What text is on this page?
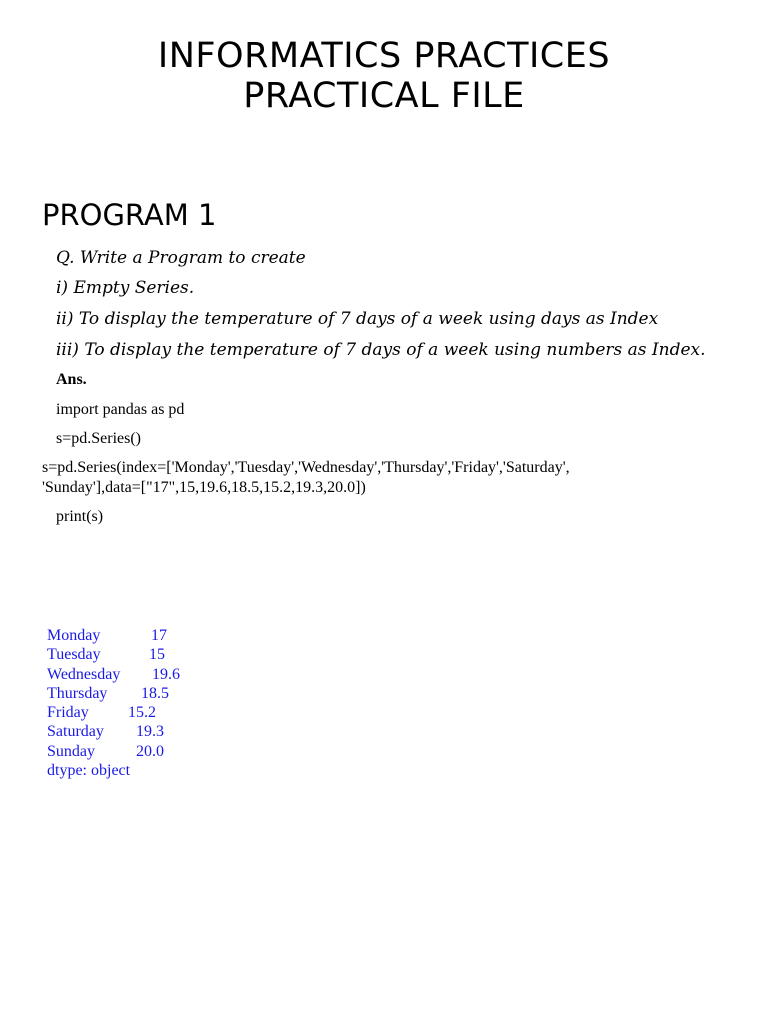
INFORMATICS PRACTICES
PRACTICAL FILE
PROGRAM 1
Q. Write a Program to create
i) Empty Series.
ii) To display the temperature of 7 days of a week using days as Index
iii) To display the temperature of 7 days of a week using numbers as Index.
Ans.
import pandas as pd
s=pd.Series()
s=pd.Series(index=['Monday','Tuesday','Wednesday','Thursday','Friday','Saturday',
'Sunday'],data=["17",15,19.6,18.5,15.2,19.3,20.0])
print(s)
Monday	17
Tuesday	15
Wednesday 19.6
Thursday 18.5
Friday 15.2
Saturday 19.3
Sunday	20.0
dtype: object
